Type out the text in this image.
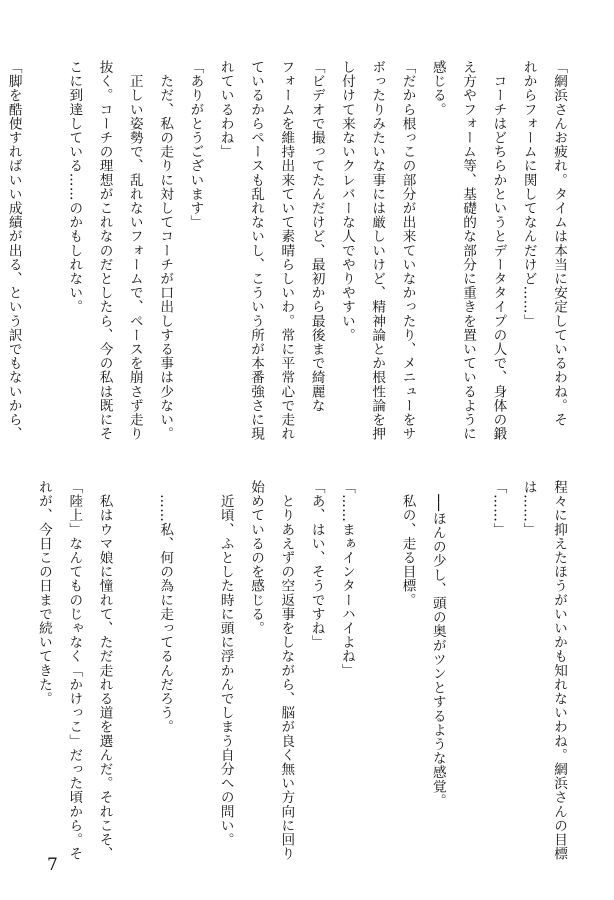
「網浜さんお疲れ。タイムは本当に安定しているわね。そ
れからフォームに関してなんだけど……」
　コーチはどちらかというとデータタイプの人で、身体の鍛
え方やフォーム等、基礎的な部分に重きを置いているように
感じる。
「だから根っこの部分が出来ていなかったり、メニューをサ
ボったりみたいな事には厳しいけど、精神論とか根性論を押
し付けて来ないクレバーな人でやりやすい。
「ビデオで撮ってたんだけど、最初から最後まで綺麗な
フォームを維持出来ていて素晴らしいわ。常に平常心で走れ
ているからペースも乱れないし、こういう所が本番強さに現
れているわね」
「ありがとうございます」
　ただ、私の走りに対してコーチが口出しする事は少ない。
　正しい姿勢で、乱れないフォームで、ペースを崩さず走り
抜く。コーチの理想がこれなのだとしたら、今の私は既にそ
こに到達している……のかもしれない。

「脚を酷使すればいい成績が出る、という訳でもないから、
程々に抑えたほうがいいかも知れないわね。網浜さんの目標
は……」
「……」

　──ほんの少し、頭の奥がツンとするような感覚。
　私の、走る目標。

「……まぁインターハイよね」
「あ、はい、そうですね」
　とりあえずの空返事をしながら、脳が良く無い方向に回り
始めているのを感じる。
　近頃、ふとした時に頭に浮かんでしまう自分への問い。

　……私、何の為に走ってるんだろう。

　私はウマ娘に憧れて、ただ走れる道を選んだ。それこそ、
「陸上」なんてものじゃなく「かけっこ」だった頃から。そ
れが、今日この日まで続いてきた。

7
